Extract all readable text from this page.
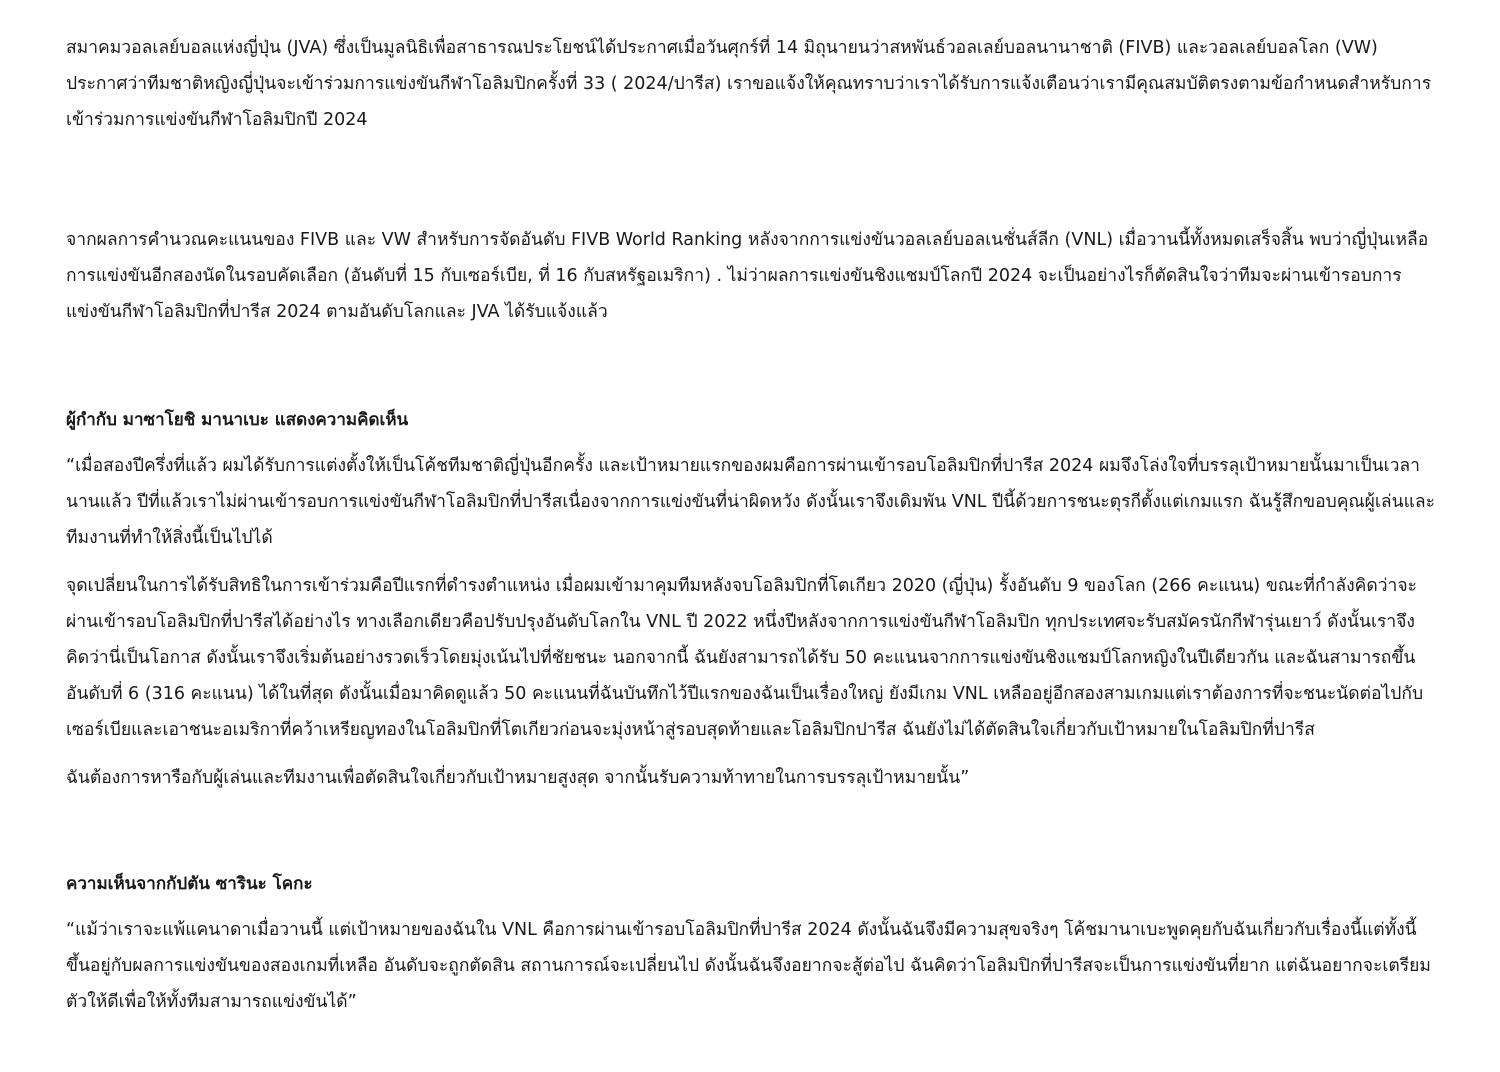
สมาคมวอลเลย์บอลแห่งญี่ปุ่น (JVA) ซึ่งเป็นมูลนิธิเพื่อสาธารณประโยชน์ได้ประกาศเมื่อวันศุกร์ที่ 14 มิถุนายนว่าสหพันธ์วอลเลย์บอลนานาชาติ (FIVB) และวอลเลย์บอลโลก (VW) ประกาศว่าทีมชาติหญิงญี่ปุ่นจะเข้าร่วมการแข่งขันกีฬาโอลิมปิกครั้งที่ 33 ( 2024/ปารีส) เราขอแจ้งให้คุณทราบว่าเราได้รับการแจ้งเตือนว่าเรามีคุณสมบัติตรงตามข้อกำหนดสำหรับการเข้าร่วมการแข่งขันกีฬาโอลิมปิกปี 2024

จากผลการคำนวณคะแนนของ FIVB และ VW สำหรับการจัดอันดับ FIVB World Ranking หลังจากการแข่งขันวอลเลย์บอลเนชั่นส์ลีก (VNL) เมื่อวานนี้ทั้งหมดเสร็จสิ้น พบว่าญี่ปุ่นเหลือการแข่งขันอีกสองนัดในรอบคัดเลือก (อันดับที่ 15 กับเซอร์เบีย, ที่ 16 กับสหรัฐอเมริกา) . ไม่ว่าผลการแข่งขันชิงแชมป์โลกปี 2024 จะเป็นอย่างไรก็ตัดสินใจว่าทีมจะผ่านเข้ารอบการแข่งขันกีฬาโอลิมปิกที่ปารีส 2024 ตามอันดับโลกและ JVA ได้รับแจ้งแล้ว

ผู้กำกับ มาซาโยชิ มานาเบะ แสดงความคิดเห็น

“เมื่อสองปีครึ่งที่แล้ว ผมได้รับการแต่งตั้งให้เป็นโค้ชทีมชาติญี่ปุ่นอีกครั้ง และเป้าหมายแรกของผมคือการผ่านเข้ารอบโอลิมปิกที่ปารีส 2024 ผมจึงโล่งใจที่บรรลุเป้าหมายนั้นมาเป็นเวลานานแล้ว ปีที่แล้วเราไม่ผ่านเข้ารอบการแข่งขันกีฬาโอลิมปิกที่ปารีสเนื่องจากการแข่งขันที่น่าผิดหวัง ดังนั้นเราจึงเดิมพัน VNL ปีนี้ด้วยการชนะตุรกีตั้งแต่เกมแรก ฉันรู้สึกขอบคุณผู้เล่นและทีมงานที่ทำให้สิ่งนี้เป็นไปได้

จุดเปลี่ยนในการได้รับสิทธิในการเข้าร่วมคือปีแรกที่ดำรงตำแหน่ง เมื่อผมเข้ามาคุมทีมหลังจบโอลิมปิกที่โตเกียว 2020 (ญี่ปุ่น) รั้งอันดับ 9 ของโลก (266 คะแนน) ขณะที่กำลังคิดว่าจะผ่านเข้ารอบโอลิมปิกที่ปารีสได้อย่างไร ทางเลือกเดียวคือปรับปรุงอันดับโลกใน VNL ปี 2022 หนึ่งปีหลังจากการแข่งขันกีฬาโอลิมปิก ทุกประเทศจะรับสมัครนักกีฬารุ่นเยาว์ ดังนั้นเราจึงคิดว่านี่เป็นโอกาส ดังนั้นเราจึงเริ่มต้นอย่างรวดเร็วโดยมุ่งเน้นไปที่ชัยชนะ นอกจากนี้ ฉันยังสามารถได้รับ 50 คะแนนจากการแข่งขันชิงแชมป์โลกหญิงในปีเดียวกัน และฉันสามารถขึ้นอันดับที่ 6 (316 คะแนน) ได้ในที่สุด ดังนั้นเมื่อมาคิดดูแล้ว 50 คะแนนที่ฉันบันทึกไว้ปีแรกของฉันเป็นเรื่องใหญ่ ยังมีเกม VNL เหลืออยู่อีกสองสามเกมแต่เราต้องการที่จะชนะนัดต่อไปกับเซอร์เบียและเอาชนะอเมริกาที่คว้าเหรียญทองในโอลิมปิกที่โตเกียวก่อนจะมุ่งหน้าสู่รอบสุดท้ายและโอลิมปิกปารีส ฉันยังไม่ได้ตัดสินใจเกี่ยวกับเป้าหมายในโอลิมปิกที่ปารีส

ฉันต้องการหารือกับผู้เล่นและทีมงานเพื่อตัดสินใจเกี่ยวกับเป้าหมายสูงสุด จากนั้นรับความท้าทายในการบรรลุเป้าหมายนั้น”

ความเห็นจากกัปตัน ซารินะ โคกะ

“แม้ว่าเราจะแพ้แคนาดาเมื่อวานนี้ แต่เป้าหมายของฉันใน VNL คือการผ่านเข้ารอบโอลิมปิกที่ปารีส 2024 ดังนั้นฉันจึงมีความสุขจริงๆ โค้ชมานาเบะพูดคุยกับฉันเกี่ยวกับเรื่องนี้แต่ทั้งนี้ขึ้นอยู่กับผลการแข่งขันของสองเกมที่เหลือ อันดับจะถูกตัดสิน สถานการณ์จะเปลี่ยนไป ดังนั้นฉันจึงอยากจะสู้ต่อไป ฉันคิดว่าโอลิมปิกที่ปารีสจะเป็นการแข่งขันที่ยาก แต่ฉันอยากจะเตรียมตัวให้ดีเพื่อให้ทั้งทีมสามารถแข่งขันได้”
